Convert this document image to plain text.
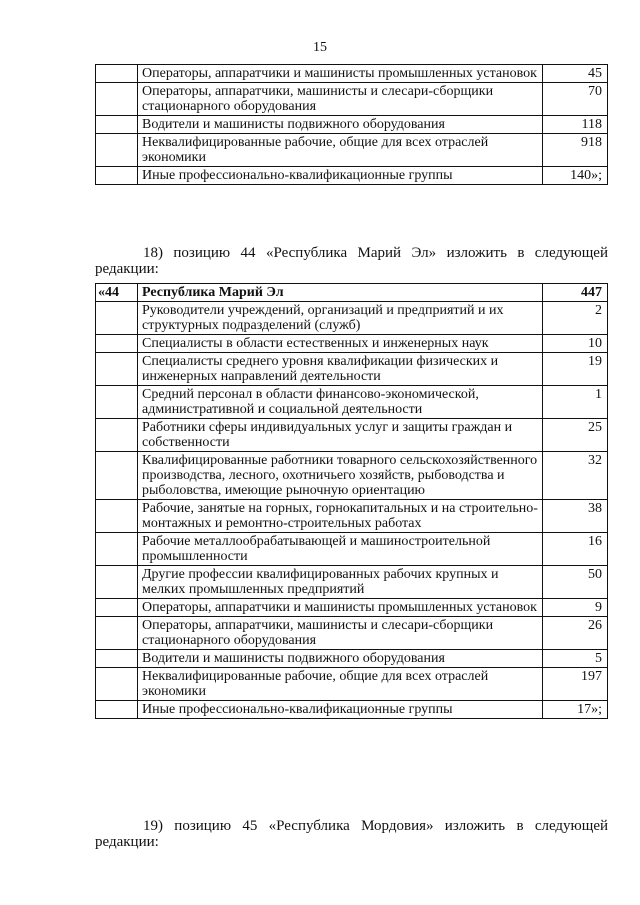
15
	Операторы, аппаратчики и машинисты промышленных установок	45
	Операторы, аппаратчики, машинисты и слесари-сборщики стационарного оборудования	70
	Водители и машинисты подвижного оборудования	118
	Неквалифицированные рабочие, общие для всех отраслей экономики	918
	Иные профессионально-квалификационные группы	140»;
18) позицию 44 «Республика Марий Эл» изложить в следующей
редакции:
«44	Республика Марий Эл	447
	Руководители учреждений, организаций и предприятий и их структурных подразделений (служб)	2
	Специалисты в области естественных и инженерных наук	10
	Специалисты среднего уровня квалификации физических и инженерных направлений деятельности	19
	Средний персонал в области финансово-экономической, административной и социальной деятельности	1
	Работники сферы индивидуальных услуг и защиты граждан и собственности	25
	Квалифицированные работники товарного сельскохозяйственного производства, лесного, охотничьего хозяйств, рыбоводства и рыболовства, имеющие рыночную ориентацию	32
	Рабочие, занятые на горных, горнокапитальных и на строительно-монтажных и ремонтно-строительных работах	38
	Рабочие металлообрабатывающей и машиностроительной промышленности	16
	Другие профессии квалифицированных рабочих крупных и мелких промышленных предприятий	50
	Операторы, аппаратчики и машинисты промышленных установок	9
	Операторы, аппаратчики, машинисты и слесари-сборщики стационарного оборудования	26
	Водители и машинисты подвижного оборудования	5
	Неквалифицированные рабочие, общие для всех отраслей экономики	197
	Иные профессионально-квалификационные группы	17»;
19) позицию 45 «Республика Мордовия» изложить в следующей
редакции:
